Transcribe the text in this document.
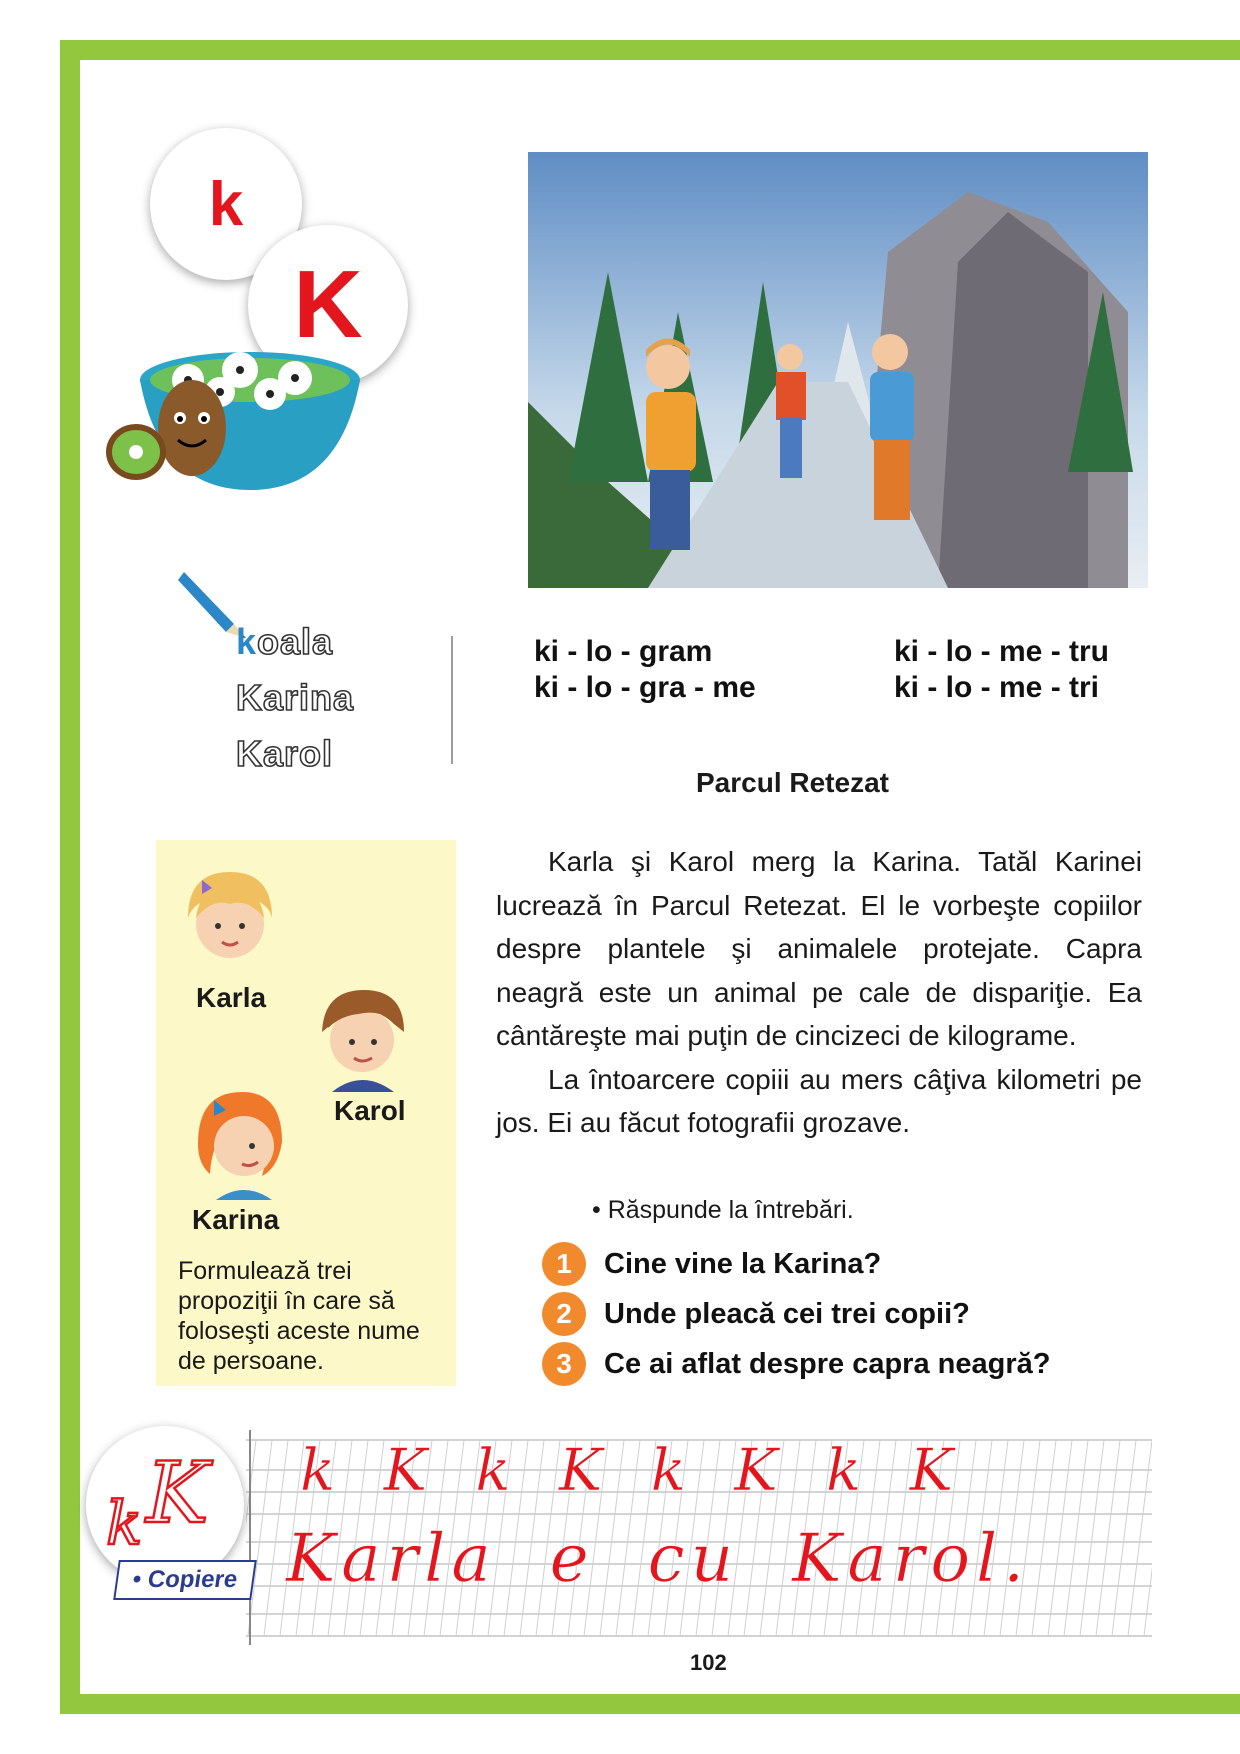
k
K
koala
Karina
Karol
ki - lo - gram
ki - lo - gra - me
ki - lo - me - tru
ki - lo - me - tri
Parcul Retezat

Karla şi Karol merg la Karina. Tatăl Karinei lucrează în Parcul Retezat. El le vorbeşte copiilor despre plantele şi animalele protejate. Capra neagră este un animal pe cale de dispariţie. Ea cântăreşte mai puţin de cincizeci de kilograme.

La întoarcere copiii au mers câţiva kilometri pe jos. Ei au făcut fotografii grozave.

Karla
Karol
Karina
Formulează trei propoziţii în care să foloseşti aceste nume de persoane.
• Răspunde la întrebări.
1	Cine vine la Karina?
2	Unde pleacă cei trei copii?
3	Ce ai aflat despre capra neagră?
k K
• Copiere
k K k K k K k K
Karla e cu Karol.
102
